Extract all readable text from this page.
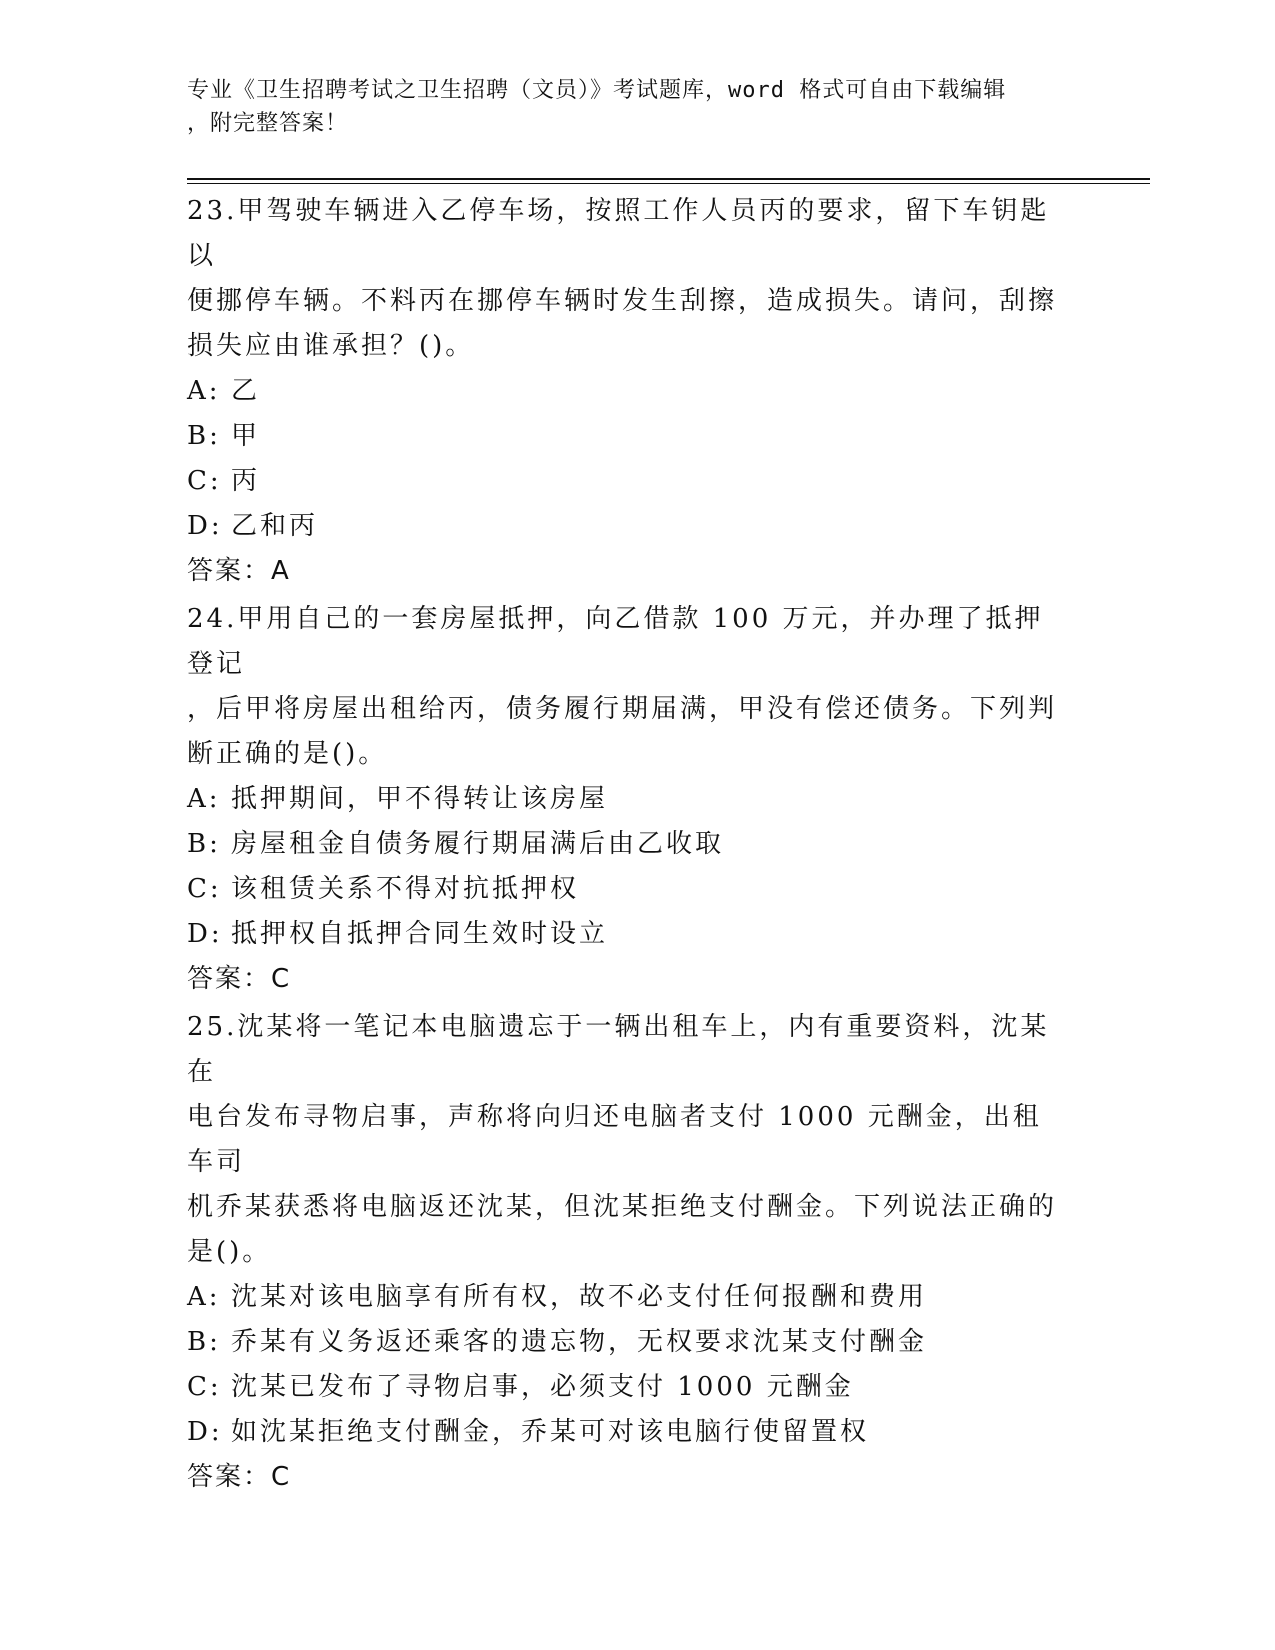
专业《卫生招聘考试之卫生招聘（文员）》考试题库，word 格式可自由下载编辑
，附完整答案！

23.甲驾驶车辆进入乙停车场，按照工作人员丙的要求，留下车钥匙以

便挪停车辆。不料丙在挪停车辆时发生刮擦，造成损失。请问，刮擦

损失应由谁承担？()。

A: 乙

B: 甲

C: 丙

D: 乙和丙

答案：A

24.甲用自己的一套房屋抵押，向乙借款 100 万元，并办理了抵押登记

，后甲将房屋出租给丙，债务履行期届满，甲没有偿还债务。下列判

断正确的是()。

A: 抵押期间，甲不得转让该房屋

B: 房屋租金自债务履行期届满后由乙收取

C: 该租赁关系不得对抗抵押权

D: 抵押权自抵押合同生效时设立

答案：C

25.沈某将一笔记本电脑遗忘于一辆出租车上，内有重要资料，沈某在

电台发布寻物启事，声称将向归还电脑者支付 1000 元酬金，出租车司

机乔某获悉将电脑返还沈某，但沈某拒绝支付酬金。下列说法正确的

是()。

A: 沈某对该电脑享有所有权，故不必支付任何报酬和费用

B: 乔某有义务返还乘客的遗忘物，无权要求沈某支付酬金

C: 沈某已发布了寻物启事，必须支付 1000 元酬金

D: 如沈某拒绝支付酬金，乔某可对该电脑行使留置权

答案：C
